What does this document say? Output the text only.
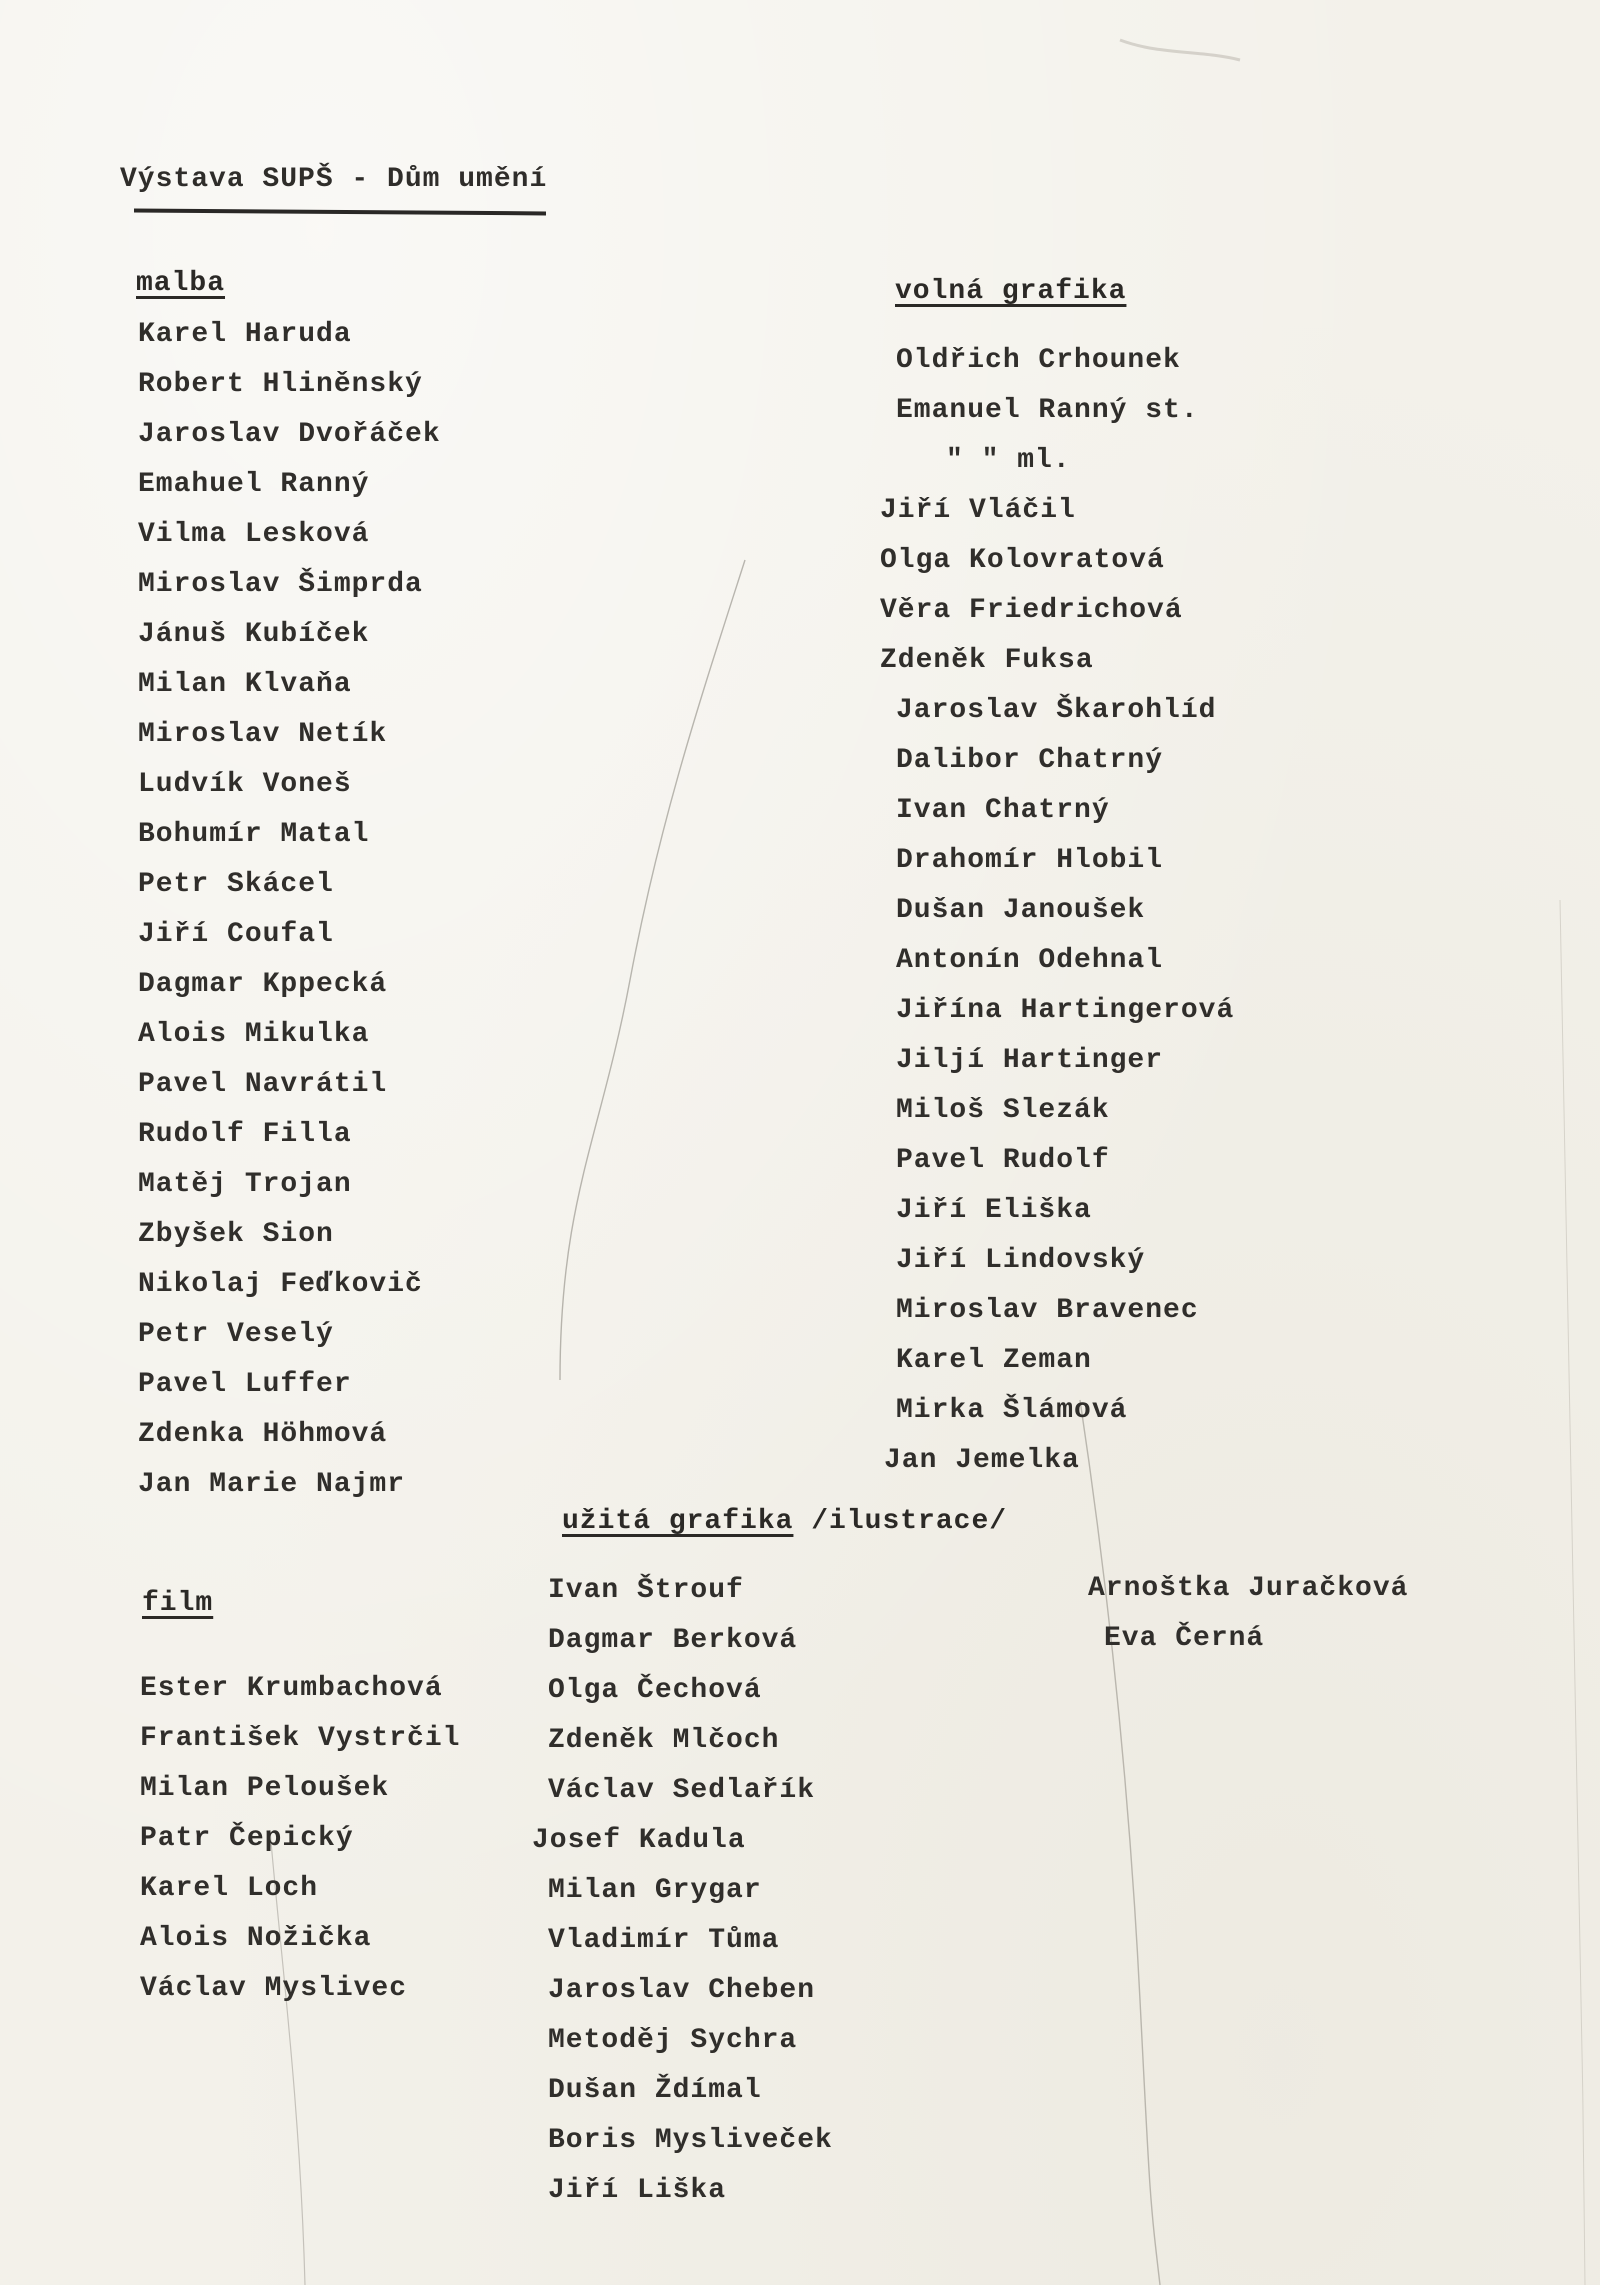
Výstava SUPŠ - Dům umění
malba
Karel Haruda
Robert Hliněnský
Jaroslav Dvořáček
Emahuel Ranný
Vilma Lesková
Miroslav Šimprda
Jánuš Kubíček
Milan Klvaňa
Miroslav Netík
Ludvík Voneš
Bohumír Matal
Petr Skácel
Jiří Coufal
Dagmar Kppecká
Alois Mikulka
Pavel Navrátil
Rudolf Filla
Matěj Trojan
Zbyšek Sion
Nikolaj Feďkovič
Petr Veselý
Pavel Luffer
Zdenka Höhmová
Jan Marie Najmr
volná grafika
Oldřich Crhounek
Emanuel Ranný st.
" " ml.
Jiří Vláčil
Olga Kolovratová
Věra Friedrichová
Zdeněk Fuksa
Jaroslav Škarohlíd
Dalibor Chatrný
Ivan Chatrný
Drahomír Hlobil
Dušan Janoušek
Antonín Odehnal
Jiřína Hartingerová
Jiljí Hartinger
Miloš Slezák
Pavel Rudolf
Jiří Eliška
Jiří Lindovský
Miroslav Bravenec
Karel Zeman
Mirka Šlámová
Jan Jemelka
užitá grafika /ilustrace/
Ivan Štrouf
Dagmar Berková
Olga Čechová
Zdeněk Mlčoch
Václav Sedlařík
Josef Kadula
Milan Grygar
Vladimír Tůma
Jaroslav Cheben
Metoděj Sychra
Dušan Ždímal
Boris Myslivеček
Jiří Liška
Arnoštka Juračková
Eva Černá
film
Ester Krumbachová
František Vystrčil
Milan Peloušek
Patr Čepický
Karel Loch
Alois Nožička
Václav Myslivec
